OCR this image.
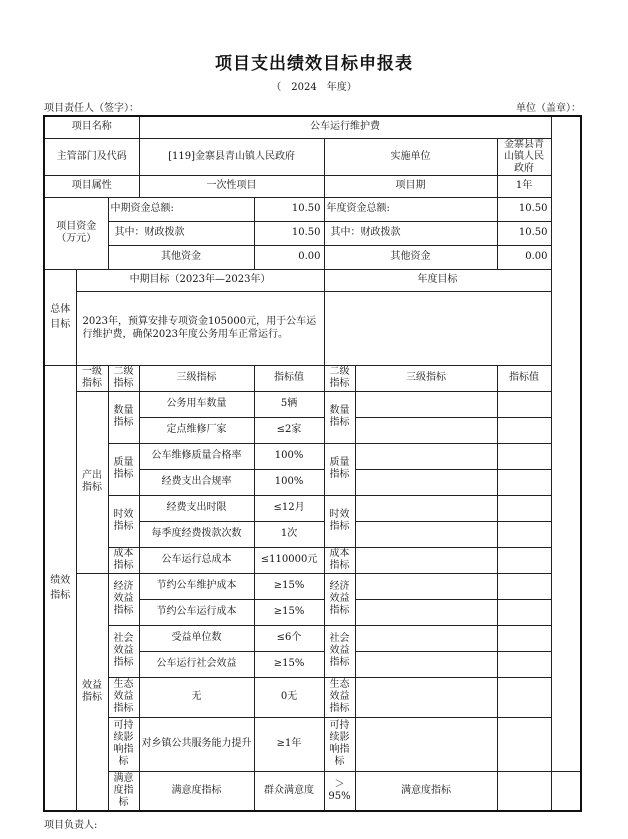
项目支出绩效目标申报表
（　2024　年度）
项目责任人（签字）：	单位（盖章）：
项目名称			公车运行维护费					
主管部门及代码			[119]金寨县青山镇人民政府		实施单位		金寨县青山镇人民政府	
项目属性			一次性项目		项目期		1年	
项目资金（万元）		中期资金总额:		10.50	年度资金总额:		10.50	
		其中：财政拨款		10.50	其中：财政拨款		10.50	
		其他资金		0.00	其他资金		0.00	
总体目标	中期目标（2023年—2023年）				年度目标			
	2023年，预算安排专项资金105000元，用于公车运行维护费，确保2023年度公务用车正常运行。							
绩效指标	一级指标	二级指标	三级指标	指标值	二级指标	三级指标	指标值	
	产出指标	数量指标	公务用车数量	5辆	数量指标			
			定点维修厂家	≤2家				
		质量指标	公车维修质量合格率	100%	质量指标			
			经费支出合规率	100%				
		时效指标	经费支出时限	≤12月	时效指标			
			每季度经费拨款次数	1次				
		成本指标	公车运行总成本	≤110000元	成本指标			
	效益指标	经济效益指标	节约公车维护成本	≥15%	经济效益指标			
			节约公车运行成本	≥15%				
		社会效益指标	受益单位数	≤6个	社会效益指标			
			公车运行社会效益	≥15%				
		生态效益指标	无	0无	生态效益指标			
		可持续影响指标	对乡镇公共服务能力提升	≥1年	可持续影响指标			
		满意度指标	满意度指标	群众满意度	＞95%	满意度指标		
项目负责人:
